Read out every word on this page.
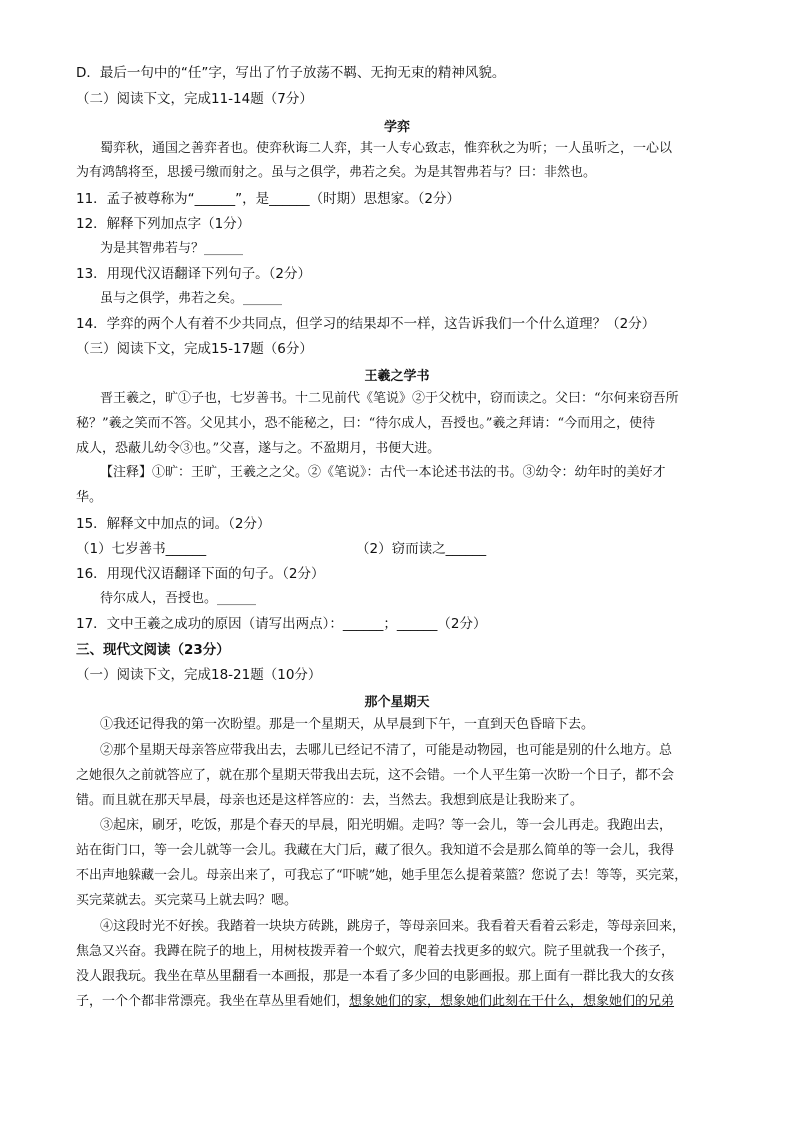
D．最后一句中的“任”字，写出了竹子放荡不羁、无拘无束的精神风貌。
（二）阅读下文，完成11-14题（7分）
学弈
蜀弈秋，通国之善弈者也。使弈秋诲二人弈，其一人专心致志，惟弈秋之为听；一人虽听之，一心以
为有鸿鹄将至，思援弓缴而射之。虽与之俱学，弗若之矣。为是其智弗若与？曰：非然也。
11．孟子被尊称为“______”，是______（时期）思想家。（2分）
12．解释下列加点字（1分）
为是其智弗若与？______
13．用现代汉语翻译下列句子。（2分）
虽与之俱学，弗若之矣。______
14．学弈的两个人有着不少共同点，但学习的结果却不一样，这告诉我们一个什么道理？（2分）
（三）阅读下文，完成15-17题（6分）
王羲之学书
晋王羲之，旷①子也，七岁善书。十二见前代《笔说》②于父枕中，窃而读之。父曰：“尔何来窃吾所
秘？”羲之笑而不答。父见其小，恐不能秘之，曰：“待尔成人，吾授也。”羲之拜请：“今而用之，使待
成人，恐蔽儿幼令③也。”父喜，遂与之。不盈期月，书便大进。
【注释】①旷：王旷，王羲之之父。②《笔说》：古代一本论述书法的书。③幼令：幼年时的美好才
华。
15．解释文中加点的词。（2分）
（1）七岁善书______	（2）窃而读之______
16．用现代汉语翻译下面的句子。（2分）
待尔成人，吾授也。______
17．文中王羲之成功的原因（请写出两点）：______；______（2分）
三、现代文阅读（23分）
（一）阅读下文，完成18-21题（10分）
那个星期天
①我还记得我的第一次盼望。那是一个星期天，从早晨到下午，一直到天色昏暗下去。
②那个星期天母亲答应带我出去，去哪儿已经记不清了，可能是动物园，也可能是别的什么地方。总
之她很久之前就答应了，就在那个星期天带我出去玩，这不会错。一个人平生第一次盼一个日子，都不会
错。而且就在那天早晨，母亲也还是这样答应的：去，当然去。我想到底是让我盼来了。
③起床，刷牙，吃饭，那是个春天的早晨，阳光明媚。走吗？等一会儿，等一会儿再走。我跑出去，
站在街门口，等一会儿就等一会儿。我藏在大门后，藏了很久。我知道不会是那么简单的等一会儿，我得
不出声地躲藏一会儿。母亲出来了，可我忘了“吓唬”她，她手里怎么提着菜篮？您说了去！等等，买完菜，
买完菜就去。买完菜马上就去吗？嗯。
④这段时光不好挨。我踏着一块块方砖跳，跳房子，等母亲回来。我看着天看着云彩走，等母亲回来，
焦急又兴奋。我蹲在院子的地上，用树枝拨弄着一个蚁穴，爬着去找更多的蚁穴。院子里就我一个孩子，
没人跟我玩。我坐在草丛里翻看一本画报，那是一本看了多少回的电影画报。那上面有一群比我大的女孩
子，一个个都非常漂亮。我坐在草丛里看她们，想象她们的家，想象她们此刻在干什么，想象她们的兄弟
